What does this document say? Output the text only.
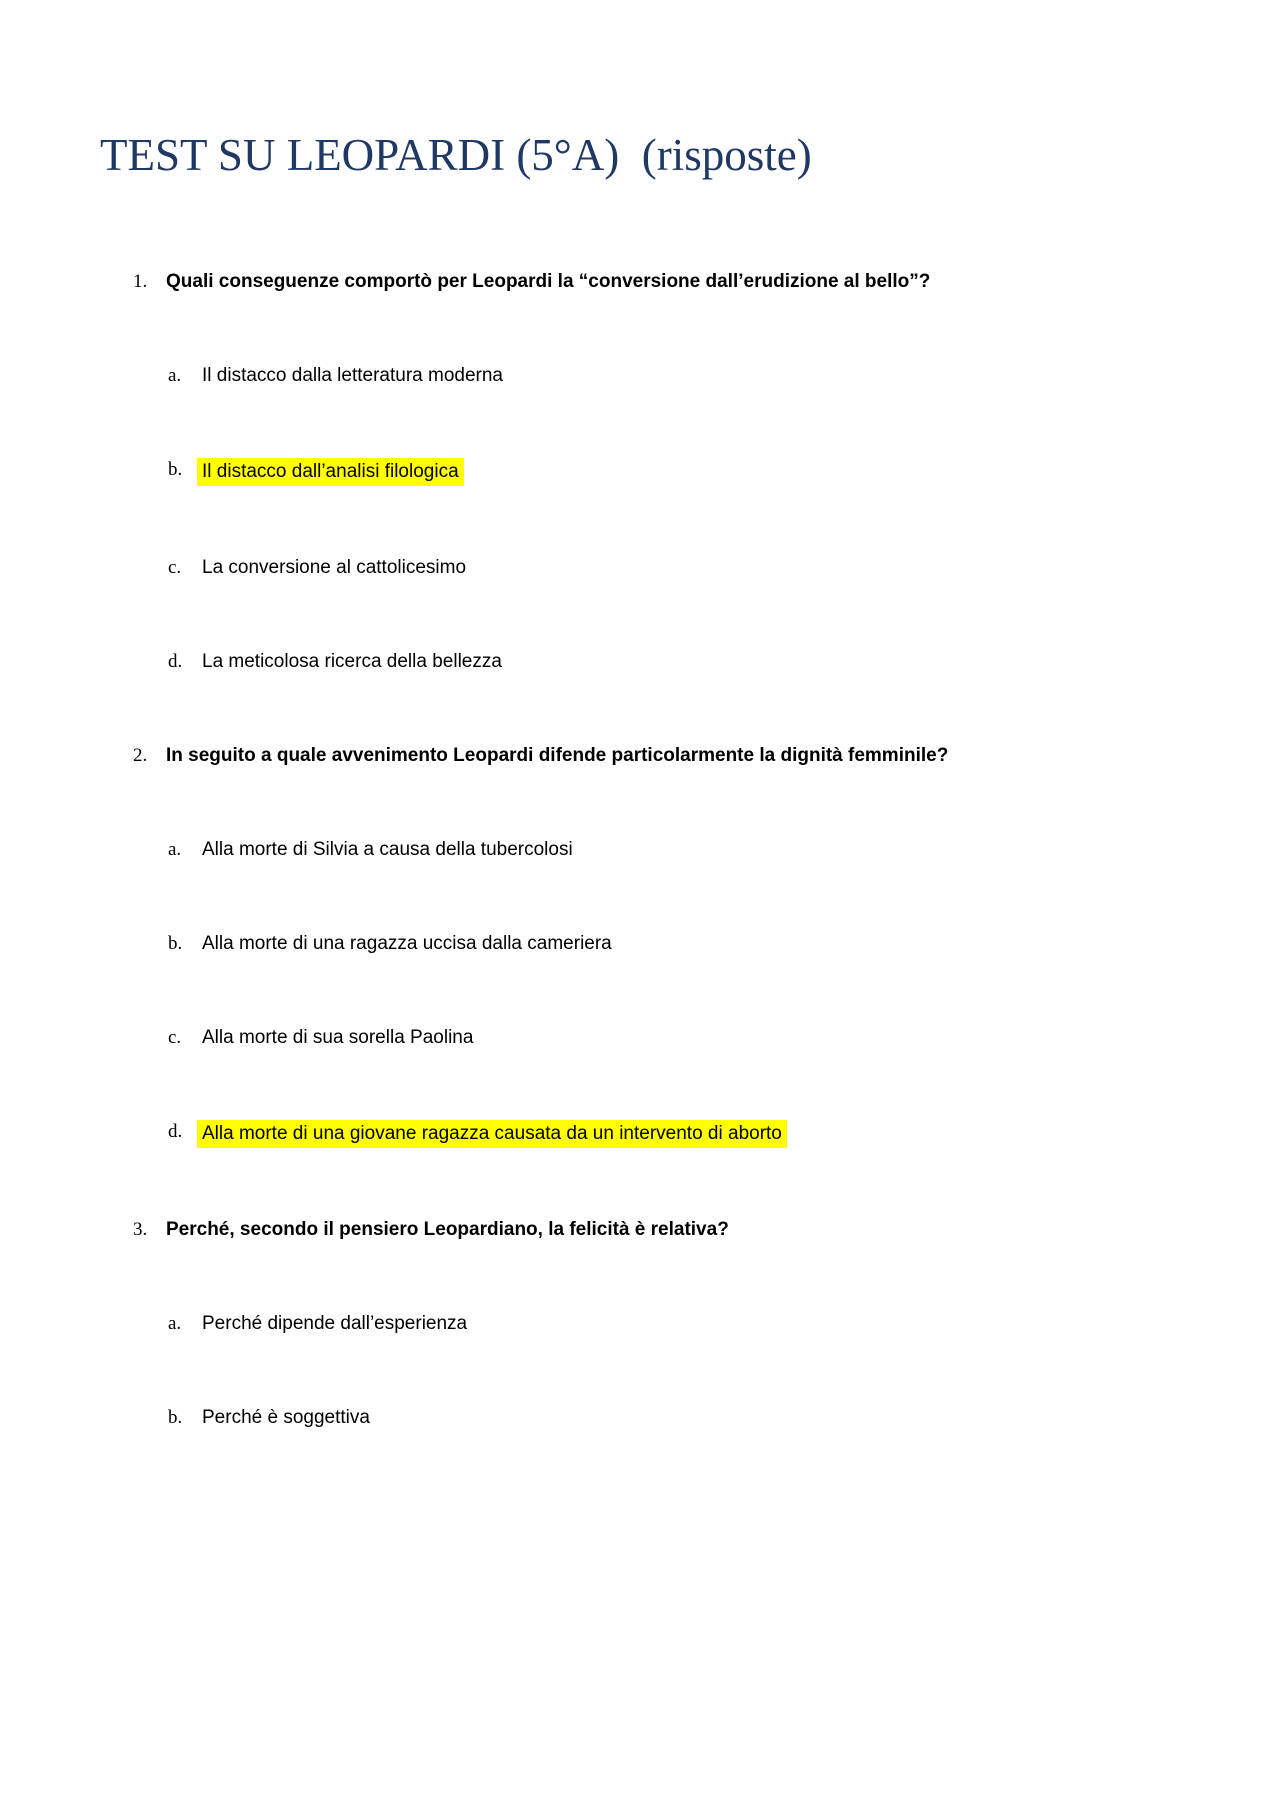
TEST SU LEOPARDI (5°A)  (risposte)
1. Quali conseguenze comportò per Leopardi la “conversione dall’erudizione al bello”?
a.	Il distacco dalla letteratura moderna
b.	Il distacco dall’analisi filologica
c.	La conversione al cattolicesimo
d.	La meticolosa ricerca della bellezza
2. In seguito a quale avvenimento Leopardi difende particolarmente la dignità femminile?
a.	Alla morte di Silvia a causa della tubercolosi
b.	Alla morte di una ragazza uccisa dalla cameriera
c.	Alla morte di sua sorella Paolina
d.	Alla morte di una giovane ragazza causata da un intervento di aborto
3. Perché, secondo il pensiero Leopardiano, la felicità è relativa?
a.	Perché dipende dall’esperienza
b.	Perché è soggettiva
